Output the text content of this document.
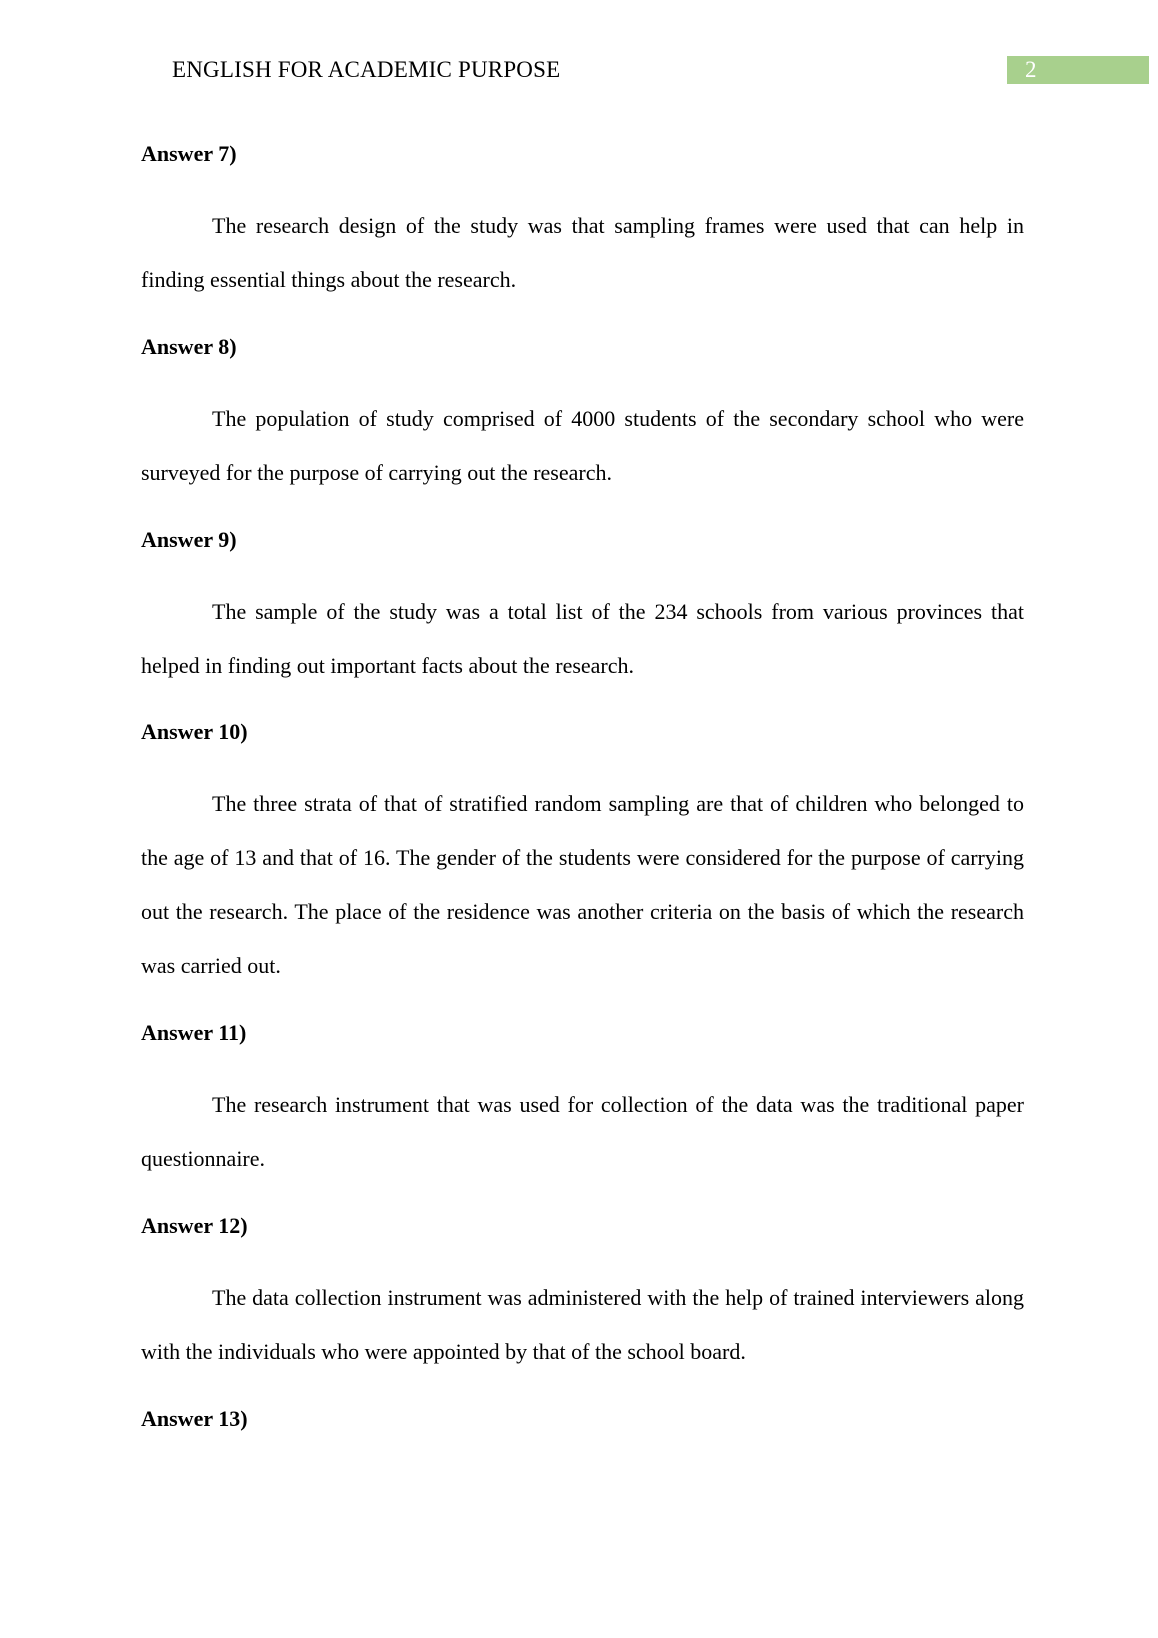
ENGLISH FOR ACADEMIC PURPOSE	2
Answer 7)

The research design of the study was that sampling frames were used that can help in finding essential things about the research.

Answer 8)

The population of study comprised of 4000 students of the secondary school who were surveyed for the purpose of carrying out the research.

Answer 9)

The sample of the study was a total list of the 234 schools from various provinces that helped in finding out important facts about the research.

Answer 10)

The three strata of that of stratified random sampling are that of children who belonged to the age of 13 and that of 16. The gender of the students were considered for the purpose of carrying out the research. The place of the residence was another criteria on the basis of which the research was carried out.

Answer 11)

The research instrument that was used for collection of the data was the traditional paper questionnaire.

Answer 12)

The data collection instrument was administered with the help of trained interviewers along with the individuals who were appointed by that of the school board.

Answer 13)
